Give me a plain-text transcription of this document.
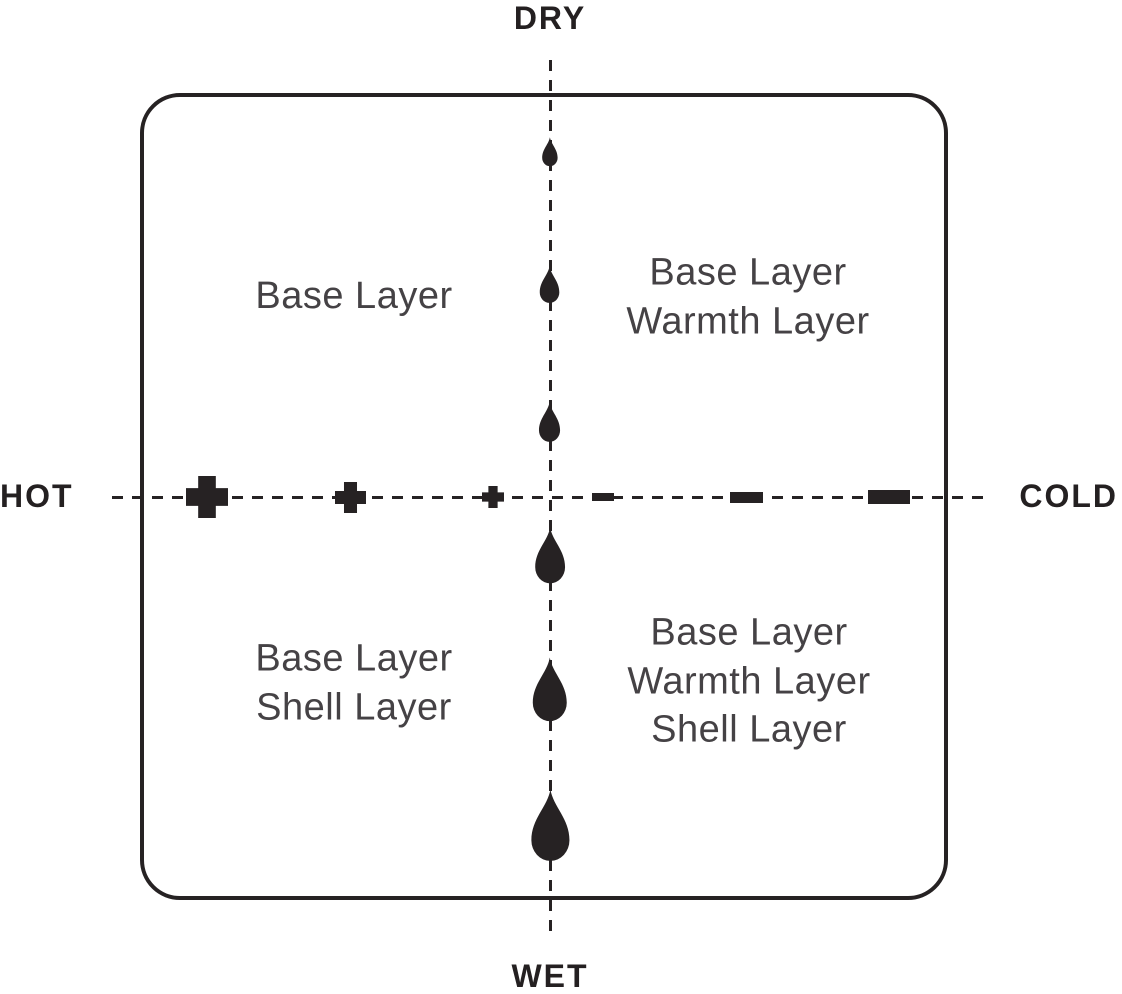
DRY
WET
HOT	COLD
Base Layer
Base Layer
Warmth Layer
Base Layer
Shell Layer
Base Layer
Warmth Layer
Shell Layer
